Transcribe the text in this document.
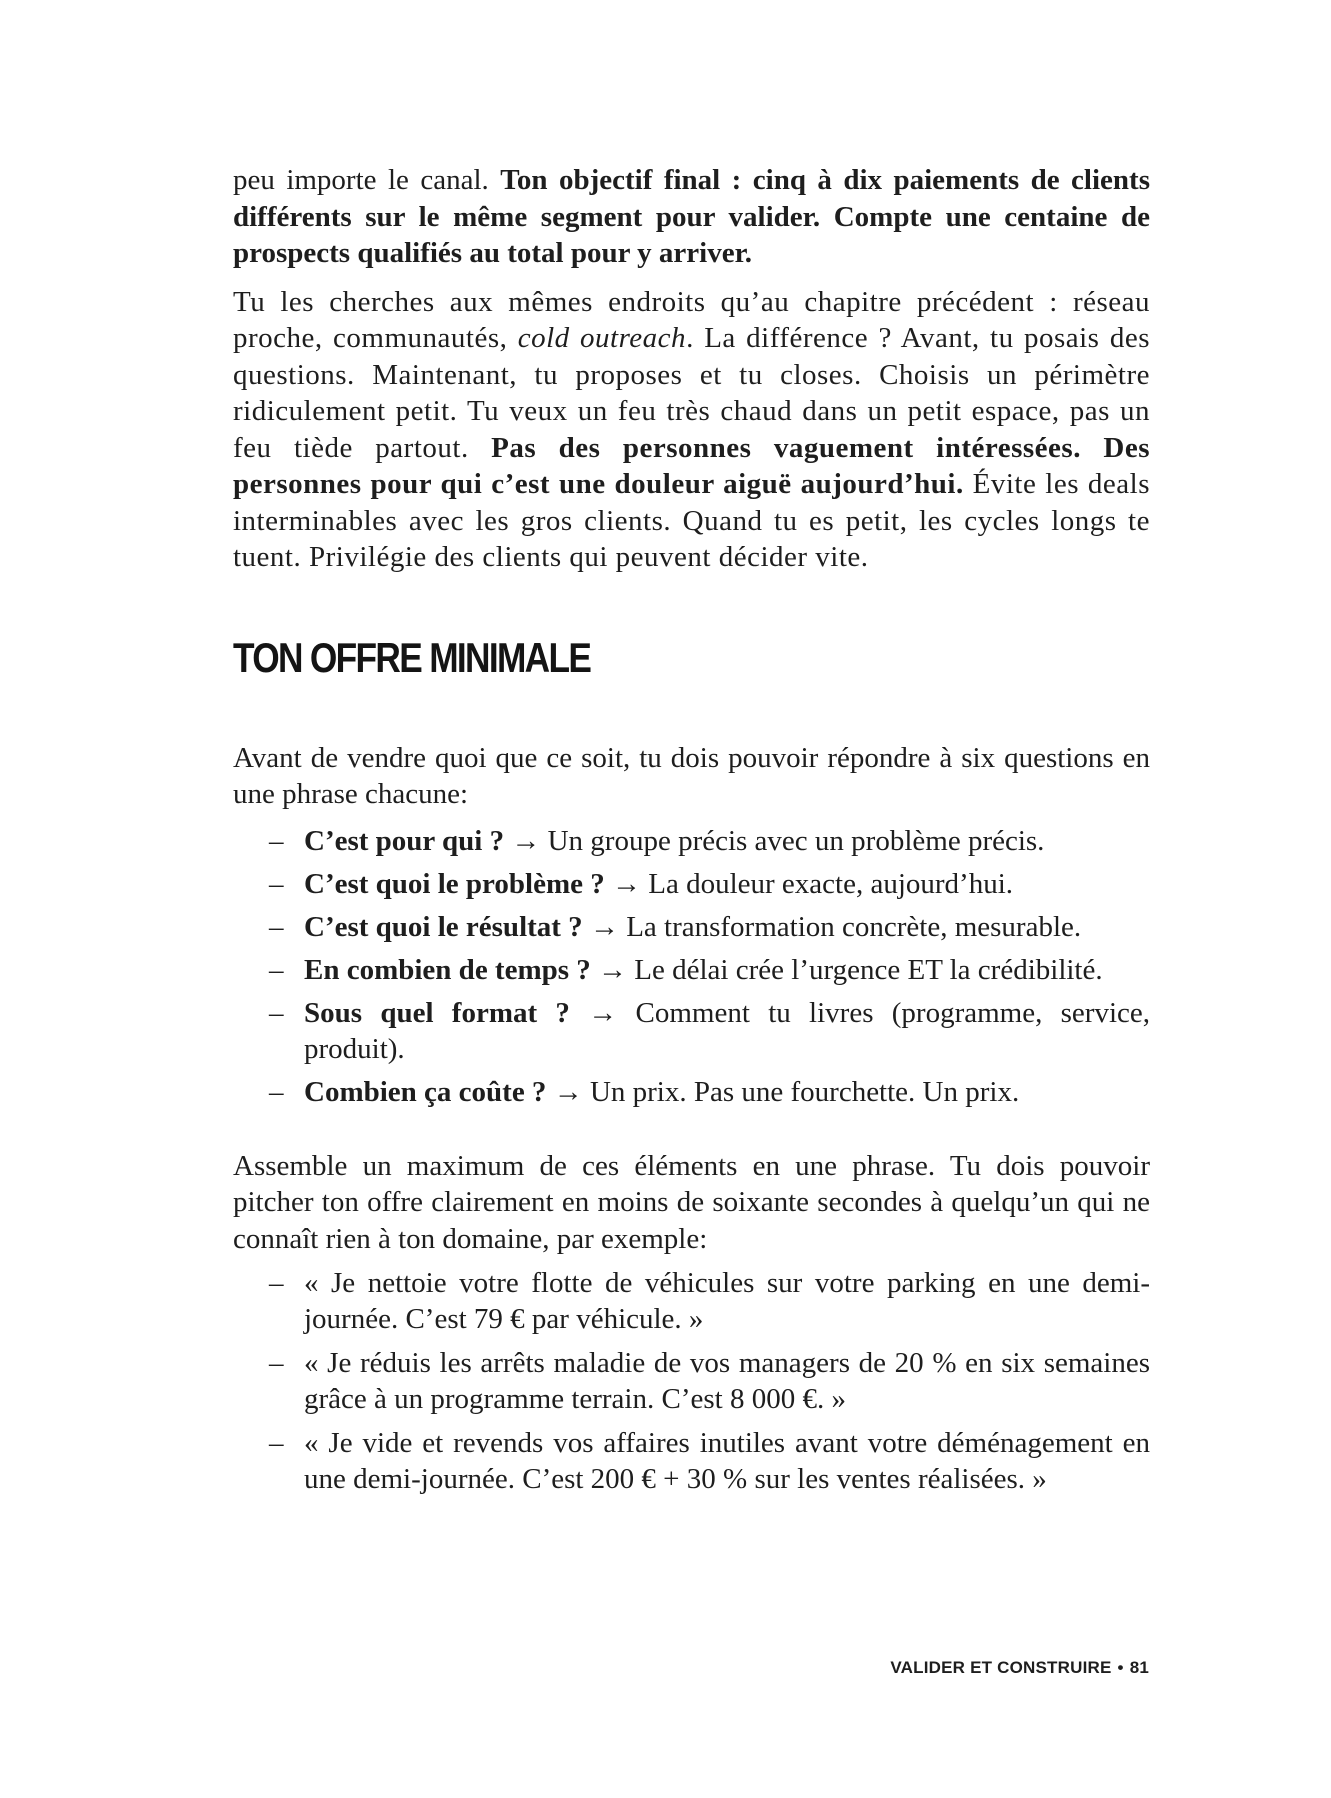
peu importe le canal. Ton objectif final : cinq à dix paiements de clients différents sur le même segment pour valider. Compte une centaine de prospects qualifiés au total pour y arriver.

Tu les cherches aux mêmes endroits qu’au chapitre précédent : réseau proche, communautés, cold outreach. La différence ? Avant, tu posais des questions. Maintenant, tu proposes et tu closes. Choisis un périmètre ridiculement petit. Tu veux un feu très chaud dans un petit espace, pas un feu tiède partout. Pas des personnes vaguement intéressées. Des personnes pour qui c’est une douleur aiguë aujourd’hui. Évite les deals interminables avec les gros clients. Quand tu es petit, les cycles longs te tuent. Privilégie des clients qui peuvent décider vite.

TON OFFRE MINIMALE

Avant de vendre quoi que ce soit, tu dois pouvoir répondre à six questions en une phrase chacune:

– C’est pour qui ? → Un groupe précis avec un problème précis.
– C’est quoi le problème ? → La douleur exacte, aujourd’hui.
– C’est quoi le résultat ? → La transformation concrète, mesurable.
– En combien de temps ? → Le délai crée l’urgence ET la crédibilité.
– Sous quel format ? → Comment tu livres (programme, service, produit).
– Combien ça coûte ? → Un prix. Pas une fourchette. Un prix.

Assemble un maximum de ces éléments en une phrase. Tu dois pouvoir pitcher ton offre clairement en moins de soixante secondes à quelqu’un qui ne connaît rien à ton domaine, par exemple:

– « Je nettoie votre flotte de véhicules sur votre parking en une demi-journée. C’est 79 € par véhicule. »
– « Je réduis les arrêts maladie de vos managers de 20 % en six semaines grâce à un programme terrain. C’est 8 000 €. »
– « Je vide et revends vos affaires inutiles avant votre déménagement en une demi-journée. C’est 200 € + 30 % sur les ventes réalisées. »
VALIDER ET CONSTRUIRE • 81
